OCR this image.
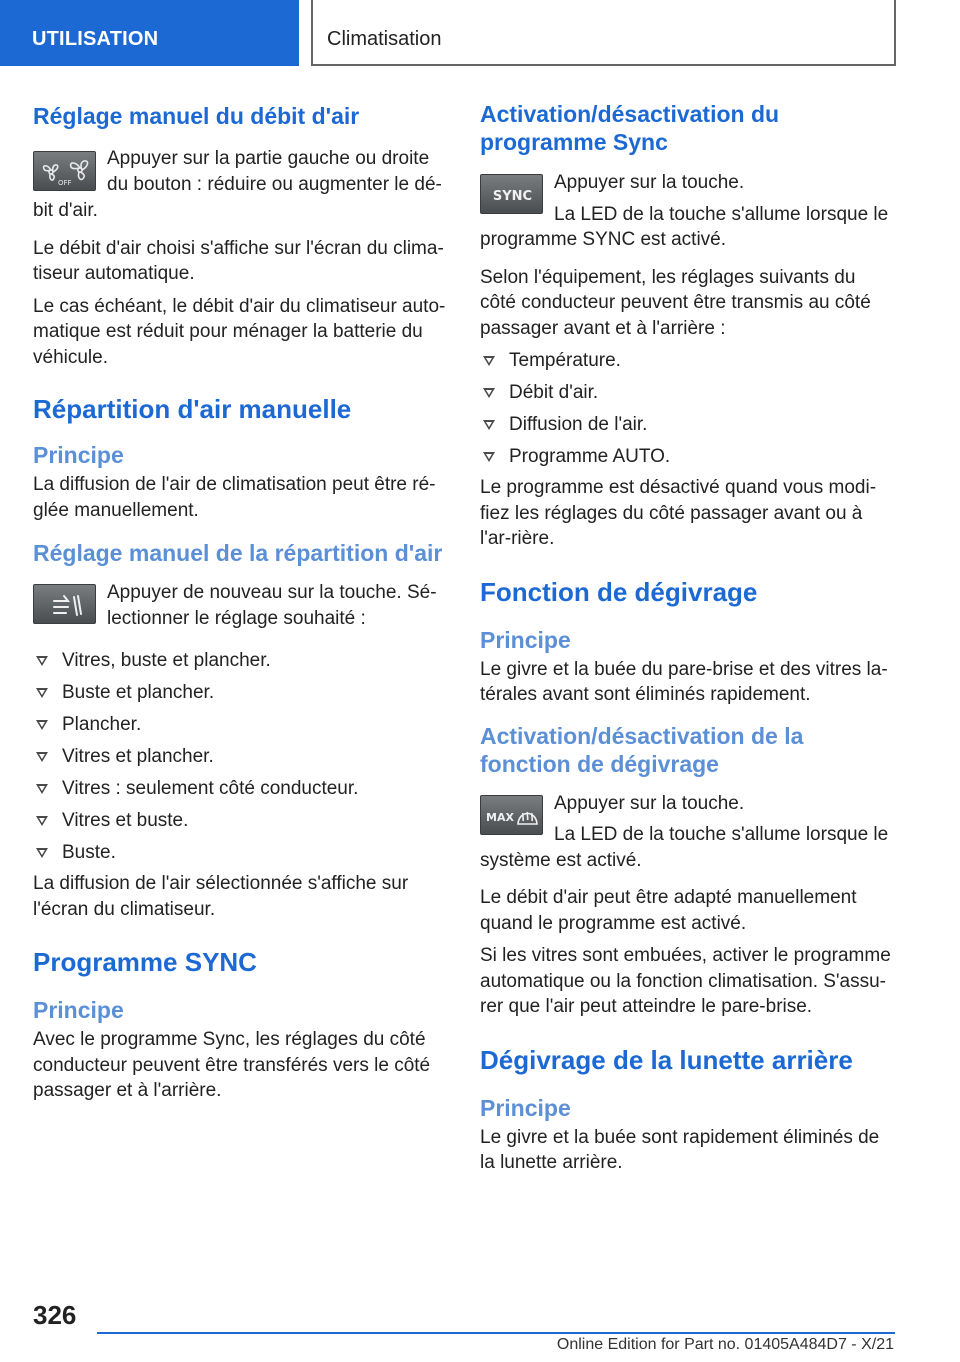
UTILISATION	Climatisation
Réglage manuel du débit d'air
OFF
Appuyer sur la partie gauche ou droite du bouton : réduire ou augmenter le dé-
bit d'air.
Le débit d'air choisi s'affiche sur l'écran du clima-tiseur automatique.
Le cas échéant, le débit d'air du climatiseur auto-matique est réduit pour ménager la batterie du véhicule.
Répartition d'air manuelle
Principe
La diffusion de l'air de climatisation peut être ré-glée manuellement.
Réglage manuel de la répartition d'air
Appuyer de nouveau sur la touche. Sé-lectionner le réglage souhaité :
Vitres, buste et plancher.
Buste et plancher.
Plancher.
Vitres et plancher.
Vitres : seulement côté conducteur.
Vitres et buste.
Buste.
La diffusion de l'air sélectionnée s'affiche sur l'écran du climatiseur.
Programme SYNC
Principe
Avec le programme Sync, les réglages du côté conducteur peuvent être transférés vers le côté passager et à l'arrière.
Activation/désactivation du programme Sync
SYNC
Appuyer sur la touche.
La LED de la touche s'allume lorsque le
programme SYNC est activé.
Selon l'équipement, les réglages suivants du côté conducteur peuvent être transmis au côté passager avant et à l'arrière :
Température.
Débit d'air.
Diffusion de l'air.
Programme AUTO.
Le programme est désactivé quand vous modi-fiez les réglages du côté passager avant ou à l'ar-rière.
Fonction de dégivrage
Principe
Le givre et la buée du pare-brise et des vitres la-térales avant sont éliminés rapidement.
Activation/désactivation de la fonction de dégivrage
MAX
Appuyer sur la touche.
La LED de la touche s'allume lorsque le
système est activé.
Le débit d'air peut être adapté manuellement quand le programme est activé.
Si les vitres sont embuées, activer le programme automatique ou la fonction climatisation. S'assu-rer que l'air peut atteindre le pare-brise.
Dégivrage de la lunette arrière
Principe
Le givre et la buée sont rapidement éliminés de la lunette arrière.
326
Online Edition for Part no. 01405A484D7 - X/21
